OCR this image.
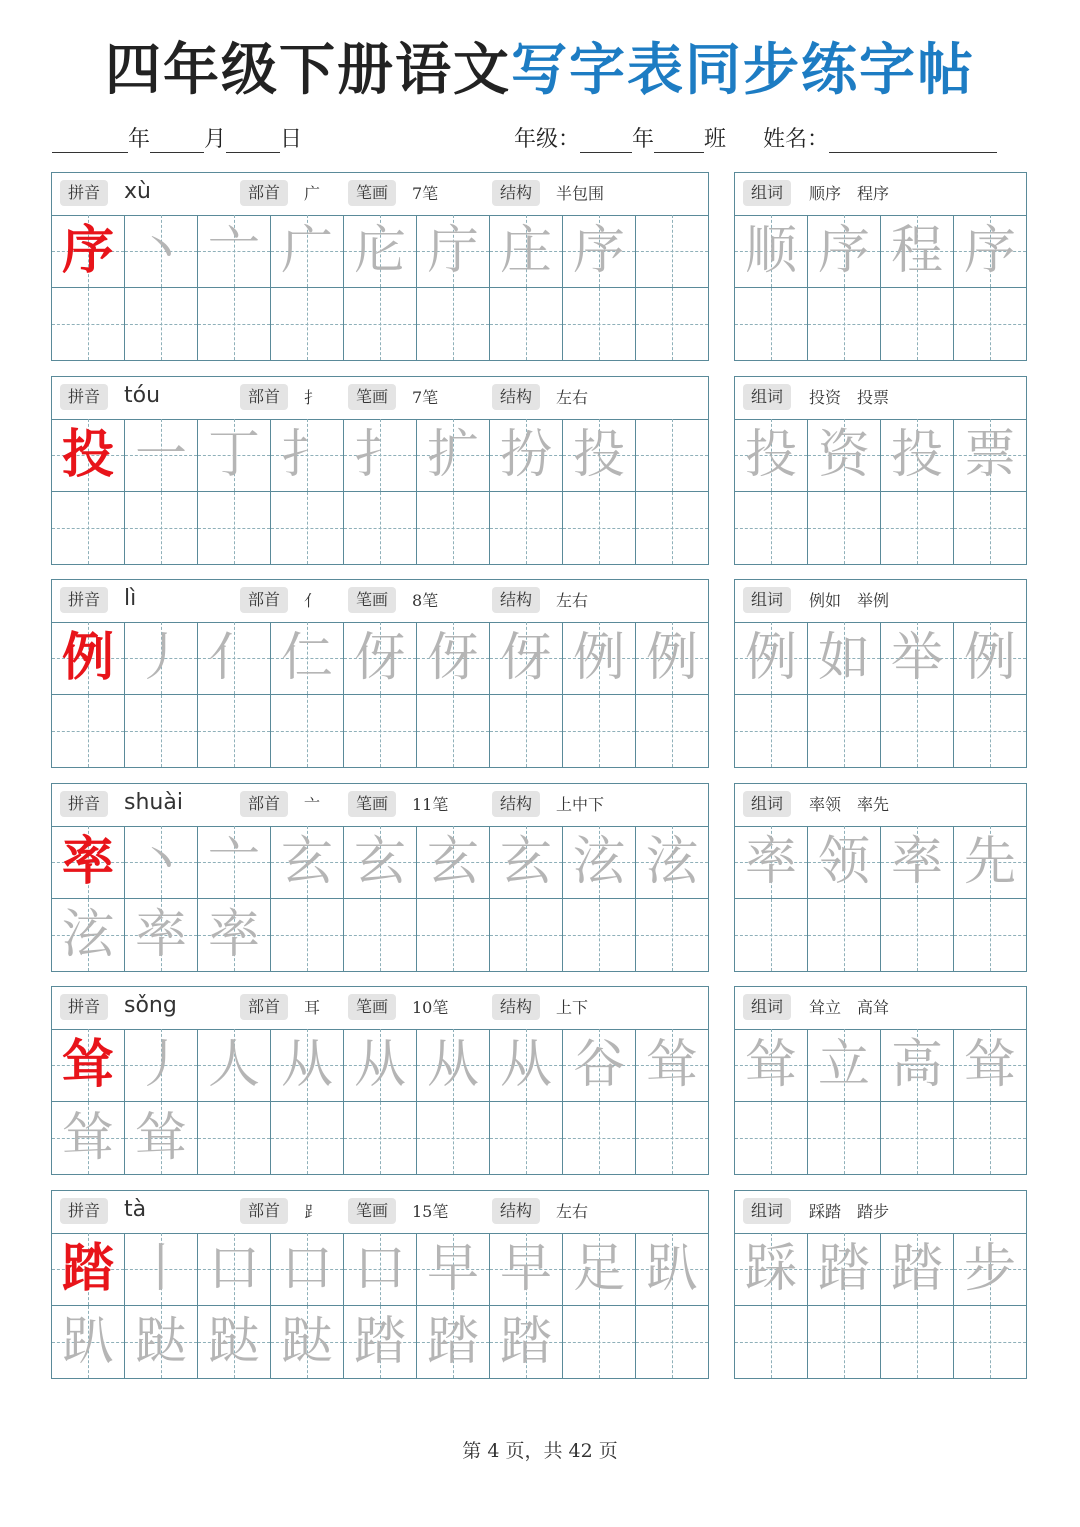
四年级下册语文写字表同步练字帖
年 月 日	年级： 年 班 姓名：
拼音	xù	部首	广	笔画	7笔	结构	半包围
序 丶 亠 广 庀 庁 庄 序
组词	顺序　程序
顺 序 程 序
拼音	tóu	部首	扌	笔画	7笔	结构	左右
投 一 丁 扌 扌 扩 扮 投
组词	投资　投票
投 资 投 票
拼音	lì	部首	亻	笔画	8笔	结构	左右
例 丿 亻 仁 伢 伢 伢 例 例
组词	例如　举例
例 如 举 例
拼音	shuài	部首	亠	笔画	11笔	结构	上中下
率 丶 亠 玄 玄 玄 玄 泫 泫
泫 率 率
组词	率领　率先
率 领 率 先
拼音	sǒng	部首	耳	笔画	10笔	结构	上下
耸 丿 人 从 从 从 从 谷 耸
耸 耸
组词	耸立　高耸
耸 立 高 耸
拼音	tà	部首	⻊	笔画	15笔	结构	左右
踏 丨 口 口 口 早 早 足 趴
趴 跶 跶 跶 踏 踏 踏
组词	踩踏　踏步
踩 踏 踏 步
第 4 页，共 42 页
